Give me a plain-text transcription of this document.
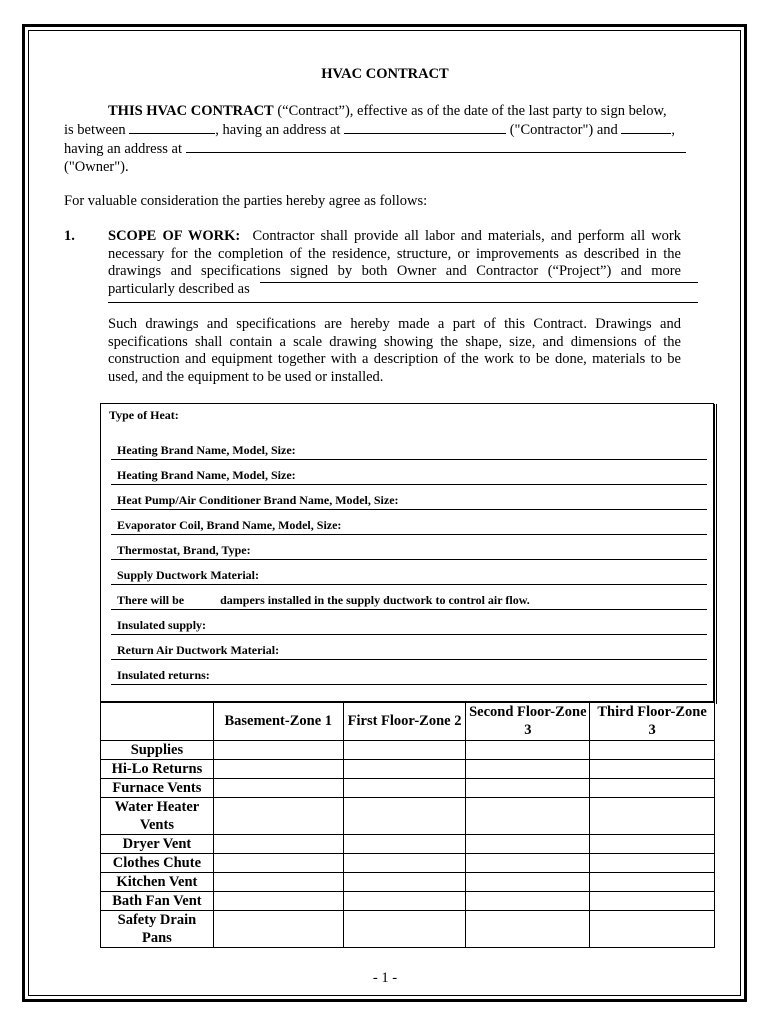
HVAC CONTRACT
THIS HVAC CONTRACT (“Contract”), effective as of the date of the last party to sign below,
is between	, having an address at	("Contractor") and	,
having an address at
("Owner").
For valuable consideration the parties hereby agree as follows:
1. SCOPE OF WORK: Contractor shall provide all labor and materials, and perform all work necessary for the completion of the residence, structure, or improvements as described in the drawings and specifications signed by both Owner and Contractor (“Project”) and more particularly described as
Such drawings and specifications are hereby made a part of this Contract. Drawings and specifications shall contain a scale drawing showing the shape, size, and dimensions of the construction and equipment together with a description of the work to be done, materials to be used, and the equipment to be used or installed.
Type of Heat:
Heating Brand Name, Model, Size:
Heating Brand Name, Model, Size:
Heat Pump/Air Conditioner Brand Name, Model, Size:
Evaporator Coil, Brand Name, Model, Size:
Thermostat, Brand, Type:
Supply Ductwork Material:
There will be            dampers installed in the supply ductwork to control air flow.
Insulated supply:
Return Air Ductwork Material:
Insulated returns:
	Basement-Zone 1	First Floor-Zone 2	Second Floor-Zone 3	Third Floor-Zone 3
Supplies				
Hi-Lo Returns				
Furnace Vents				
Water Heater Vents				
Dryer Vent				
Clothes Chute				
Kitchen Vent				
Bath Fan Vent				
Safety Drain Pans				
- 1 -
